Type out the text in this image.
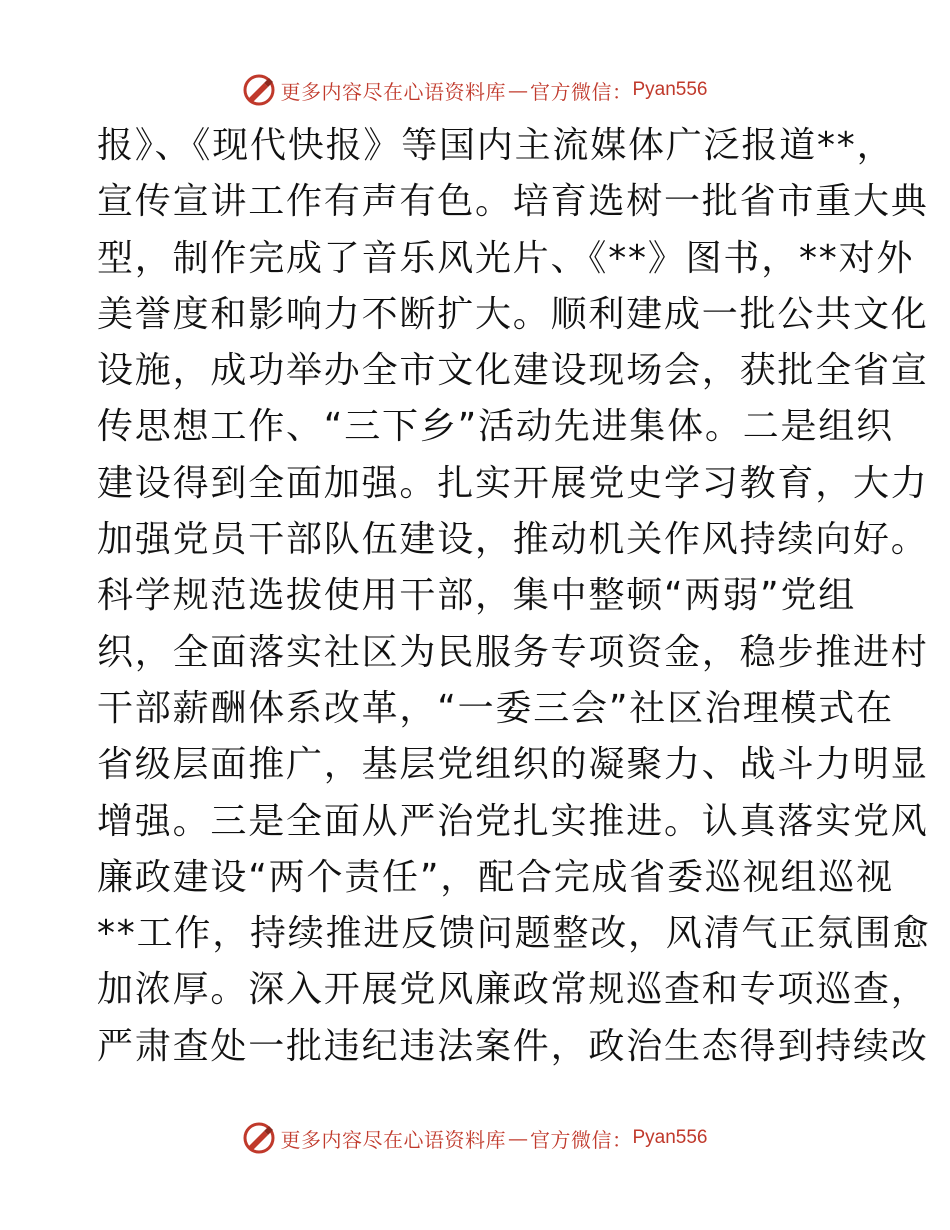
更多内容尽在心语资料库 — 官方微信： Pyan556
报》、《现代快报》等国内主流媒体广泛报道**，
宣传宣讲工作有声有色。培育选树一批省市重大典
型，制作完成了音乐风光片、《**》图书，**对外
美誉度和影响力不断扩大。顺利建成一批公共文化
设施，成功举办全市文化建设现场会，获批全省宣
传思想工作、“三下乡”活动先进集体。二是组织
建设得到全面加强。扎实开展党史学习教育，大力
加强党员干部队伍建设，推动机关作风持续向好。
科学规范选拔使用干部，集中整顿“两弱”党组
织，全面落实社区为民服务专项资金，稳步推进村
干部薪酬体系改革，“一委三会”社区治理模式在
省级层面推广，基层党组织的凝聚力、战斗力明显
增强。三是全面从严治党扎实推进。认真落实党风
廉政建设“两个责任”，配合完成省委巡视组巡视
**工作，持续推进反馈问题整改，风清气正氛围愈
加浓厚。深入开展党风廉政常规巡查和专项巡查，
严肃查处一批违纪违法案件，政治生态得到持续改
更多内容尽在心语资料库 — 官方微信： Pyan556
